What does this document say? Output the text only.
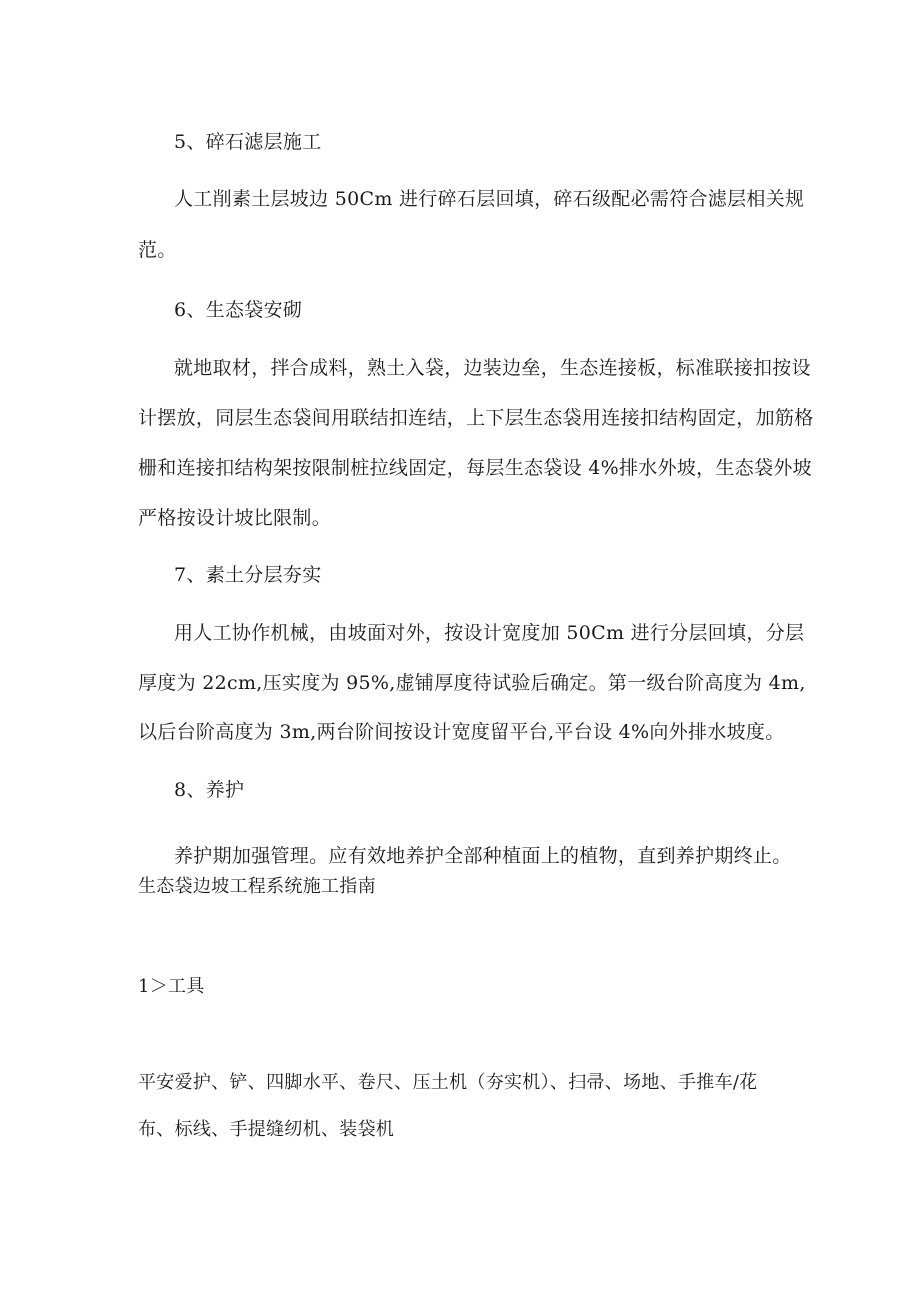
5、碎石滤层施工
人工削素土层坡边 50Cm 进行碎石层回填，碎石级配必需符合滤层相关规
范。
6、生态袋安砌
就地取材，拌合成料，熟土入袋，边装边垒，生态连接板，标准联接扣按设
计摆放，同层生态袋间用联结扣连结，上下层生态袋用连接扣结构固定，加筋格
栅和连接扣结构架按限制桩拉线固定，每层生态袋设 4%排水外坡，生态袋外坡
严格按设计坡比限制。
7、素土分层夯实
用人工协作机械，由坡面对外，按设计宽度加 50Cm 进行分层回填，分层
厚度为 22cm,压实度为 95%,虚铺厚度待试验后确定。第一级台阶高度为 4m,
以后台阶高度为 3m,两台阶间按设计宽度留平台,平台设 4%向外排水坡度。
8、养护
养护期加强管理。应有效地养护全部种植面上的植物，直到养护期终止。
生态袋边坡工程系统施工指南
1＞工具
平安爱护、铲、四脚水平、卷尺、压土机（夯实机）、扫帚、场地、手推车/花
布、标线、手提缝纫机、装袋机
